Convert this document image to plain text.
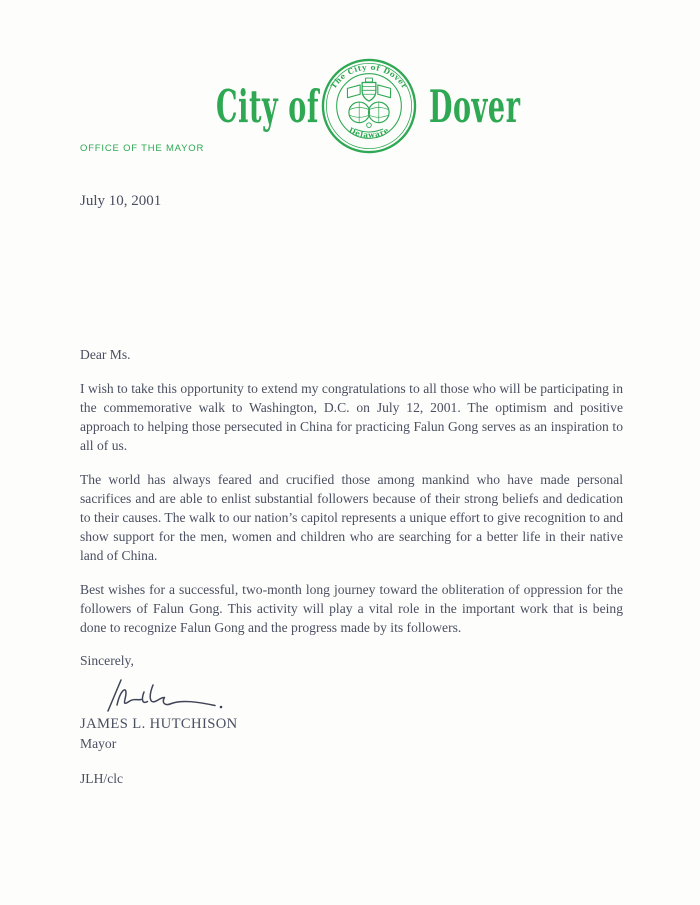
City of The City of Dover
Delaware Dover
OFFICE OF THE MAYOR
July 10, 2001

Dear Ms.

I wish to take this opportunity to extend my congratulations to all those who will be participating in the commemorative walk to Washington, D.C. on July 12, 2001. The optimism and positive approach to helping those persecuted in China for practicing Falun Gong serves as an inspiration to all of us.

The world has always feared and crucified those among mankind who have made personal sacrifices and are able to enlist substantial followers because of their strong beliefs and dedication to their causes. The walk to our nation’s capitol represents a unique effort to give recognition to and show support for the men, women and children who are searching for a better life in their native land of China.

Best wishes for a successful, two-month long journey toward the obliteration of oppression for the followers of Falun Gong. This activity will play a vital role in the important work that is being done to recognize Falun Gong and the progress made by its followers.

Sincerely,

JAMES L. HUTCHISON

Mayor

JLH/clc
